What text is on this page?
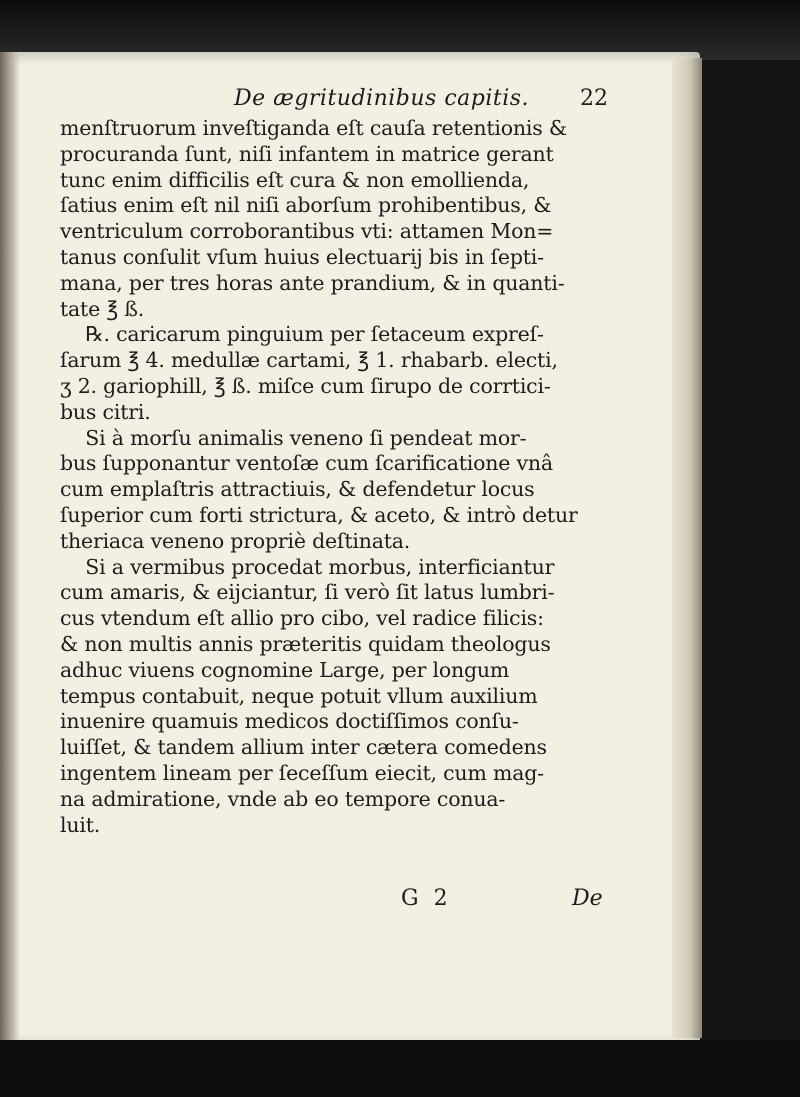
De ægritudinibus capitis. 22
menſtruorum inveſtiganda eſt cauſa retentionis &
procuranda ſunt, niſi infantem in matrice gerant
tunc enim difficilis eſt cura & non emollienda,
ſatius enim eſt nil niſi aborſum prohibentibus, &
ventriculum corroborantibus vti: attamen Mon=
tanus conſulit vſum huius electuarij bis in ſepti-
mana, per tres horas ante prandium, & in quanti-
tate ℥ ß.
℞. caricarum pinguium per ſetaceum expreſ-
ſarum ℥ 4. medullæ cartami, ℥ 1. rhabarb. electi,
ʒ 2. gariophill, ℥ ß. miſce cum ſirupo de corrtici-
bus citri.
Si à morſu animalis veneno ſi pendeat mor-
bus ſupponantur ventoſæ cum ſcarificatione vnâ
cum emplaſtris attractiuis, & defendetur locus
ſuperior cum forti strictura, & aceto, & intrò detur
theriaca veneno propriè deſtinata.
Si a vermibus procedat morbus, interficiantur
cum amaris, & eijciantur, ſi verò ſit latus lumbri-
cus vtendum eſt allio pro cibo, vel radice filicis:
& non multis annis præteritis quidam theologus
adhuc viuens cognomine Large, per longum
tempus contabuit, neque potuit vllum auxilium
inuenire quamuis medicos doctiſſimos conſu-
luiſſet, & tandem allium inter cætera comedens
ingentem lineam per ſeceſſum eiecit, cum mag-
na admiratione, vnde ab eo tempore conua-
luit.
G 2	De
